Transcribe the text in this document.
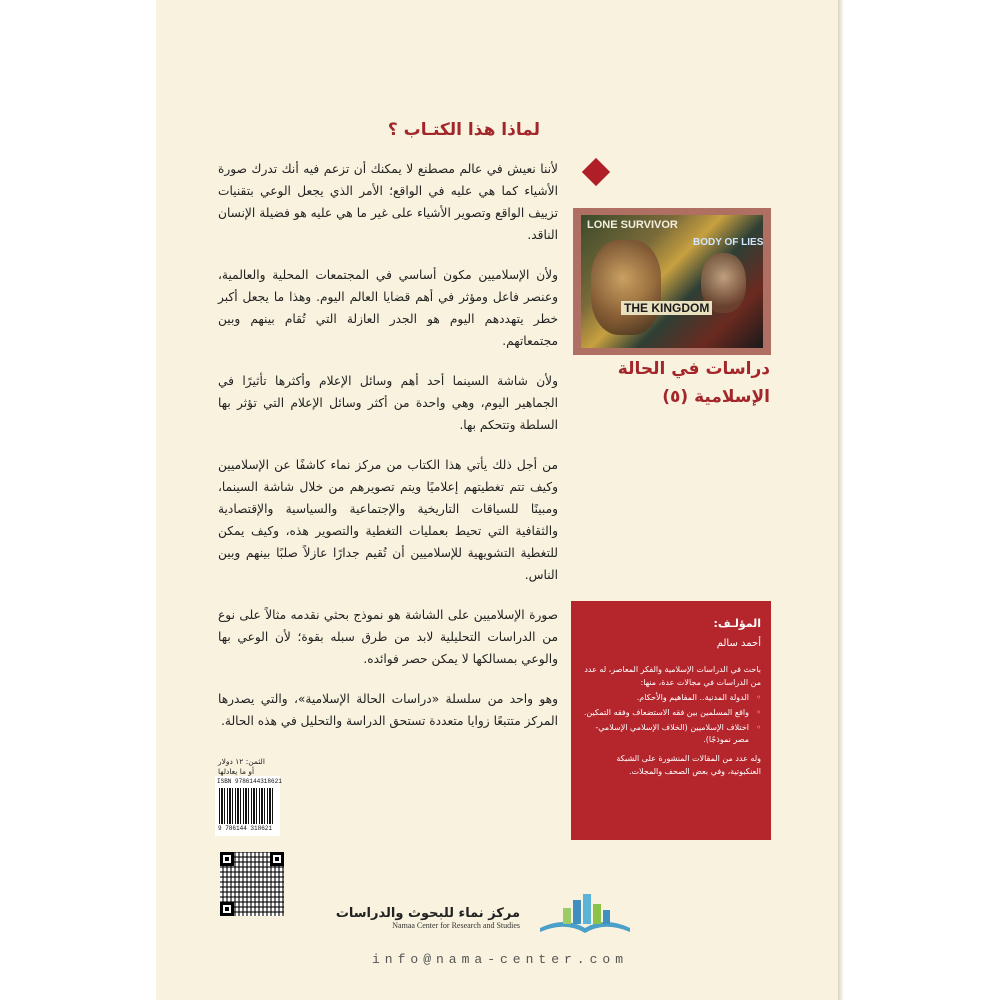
لماذا هذا الكتـاب ؟

لأننا نعيش في عالم مصطنع لا يمكنك أن تزعم فيه أنك تدرك صورة الأشياء كما هي عليه في الواقع؛ الأمر الذي يجعل الوعي بتقنيات تزييف الواقع وتصوير الأشياء على غير ما هي عليه هو فضيلة الإنسان الناقد.

ولأن الإسلاميين مكون أساسي في المجتمعات المحلية والعالمية، وعنصر فاعل ومؤثر في أهم قضايا العالم اليوم. وهذا ما يجعل أكبر خطر يتهددهم اليوم هو الجدر العازلة التي تُقام بينهم وبين مجتمعاتهم.

ولأن شاشة السينما أحد أهم وسائل الإعلام وأكثرها تأثيرًا في الجماهير اليوم، وهي واحدة من أكثر وسائل الإعلام التي تؤثر بها السلطة وتتحكم بها.

من أجل ذلك يأتي هذا الكتاب من مركز نماء كاشفًا عن الإسلاميين وكيف تتم تغطيتهم إعلاميًا ويتم تصويرهم من خلال شاشة السينما، ومبينًا للسياقات التاريخية والإجتماعية والسياسية والإقتصادية والثقافية التي تحيط بعمليات التغطية والتصوير هذه، وكيف يمكن للتغطية التشويهية للإسلاميين أن تُقيم جدارًا عازلاً صلبًا بينهم وبين الناس.

صورة الإسلاميين على الشاشة هو نموذج بحثي نقدمه مثالاً على نوع من الدراسات التحليلية لابد من طرق سبله بقوة؛ لأن الوعي بها والوعي بمسالكها لا يمكن حصر فوائده.

وهو واحد من سلسلة «دراسات الحالة الإسلامية»، والتي يصدرها المركز متتبعًا زوايا متعددة تستحق الدراسة والتحليل في هذه الحالة.

LONE SURVIVOR
BODY OF LIES
THE KINGDOM
دراسات في الحالة
الإسلامية (٥)
المؤلـف:
أحمد سالم
باحث في الدراسات الإسلامية والفكر المعاصر، له عدد من الدراسات في مجالات عدة، منها:
◦ الدولة المدنية.. المفاهيم والأحكام.
◦ واقع المسلمين بين فقه الاستضعاف وفقه التمكين.
◦ اختلاف الإسلاميين (الخلاف الإسلامي الإسلامي- مصر نموذجًا).
وله عدد من المقالات المنشورة على الشبكة العنكبوتية، وفي بعض الصحف والمجلات.
الثمن: ١٢ دولار
أو ما يعادلها
ISBN 9786144318621
9 786144 318621
مركز نماء للبحوث والدراسات
Namaa Center for Research and Studies
info@nama-center.com
